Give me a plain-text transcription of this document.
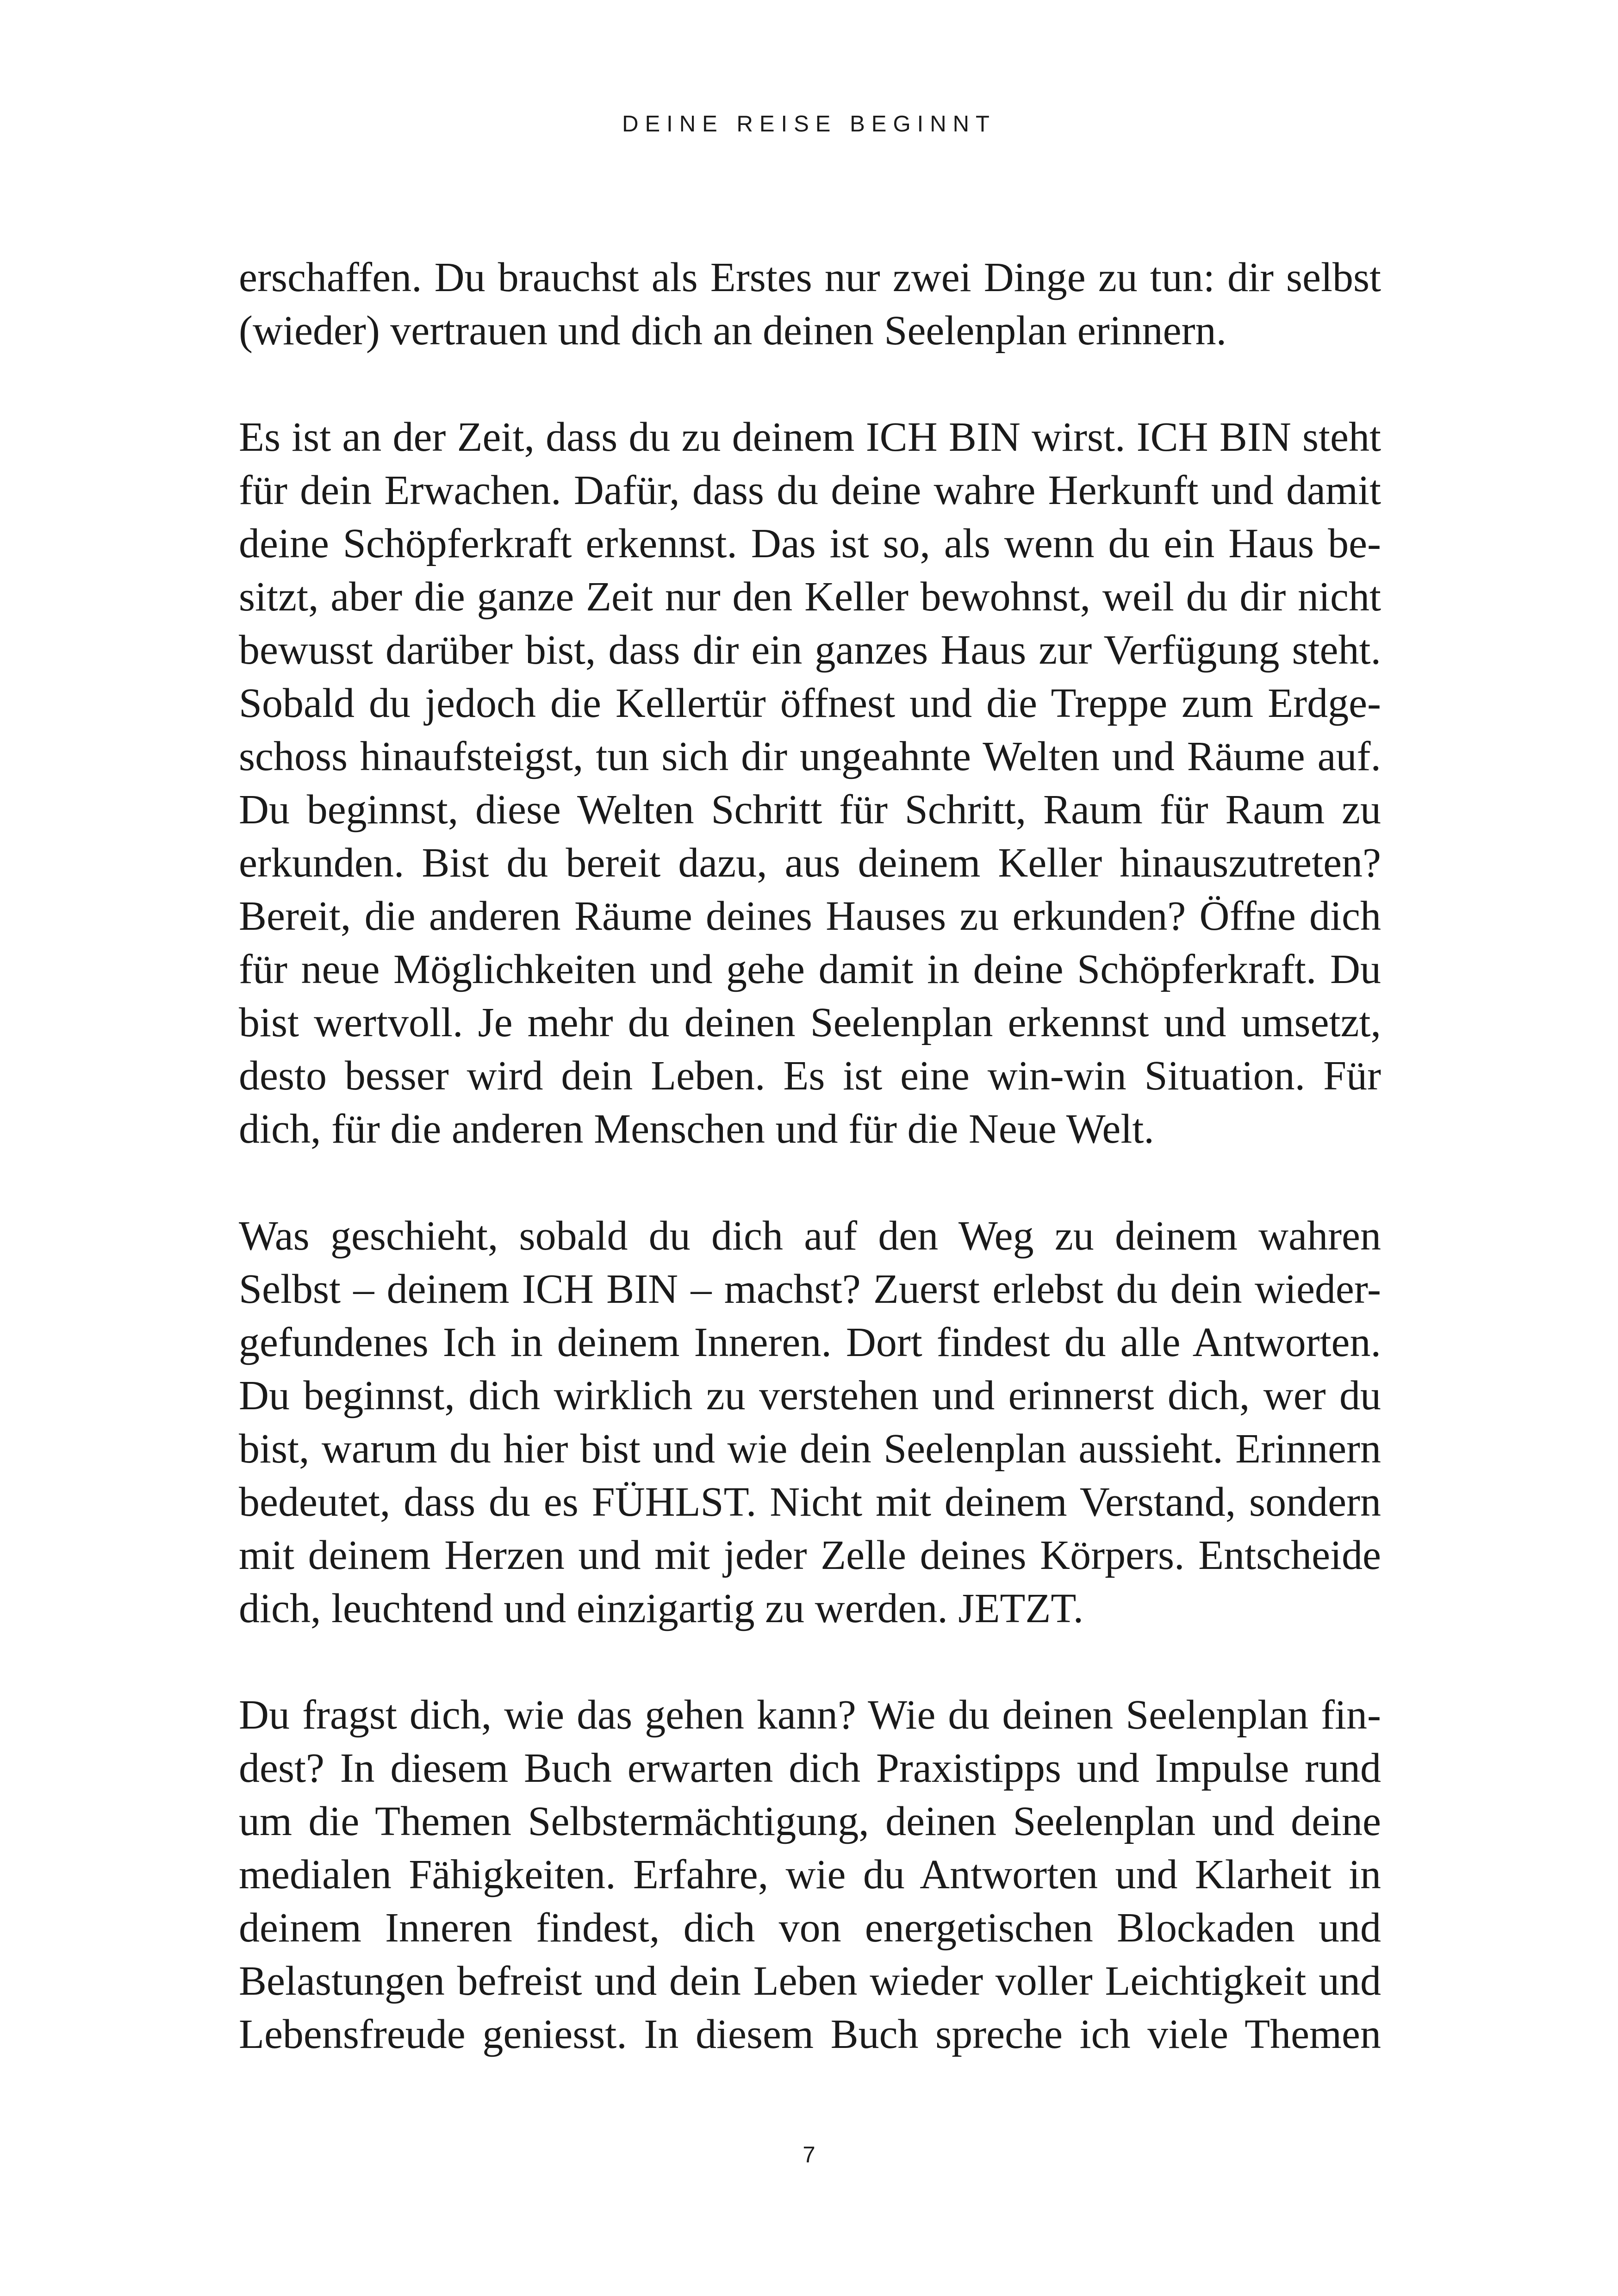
DEINE REISE BEGINNT
erschaffen. Du brauchst als Erstes nur zwei Dinge zu tun: dir selbst
(wieder) vertrauen und dich an deinen Seelenplan erinnern.
Es ist an der Zeit, dass du zu deinem ICH BIN wirst. ICH BIN steht
für dein Erwachen. Dafür, dass du deine wahre Herkunft und damit
deine Schöpferkraft erkennst. Das ist so, als wenn du ein Haus be-
sitzt, aber die ganze Zeit nur den Keller bewohnst, weil du dir nicht
bewusst darüber bist, dass dir ein ganzes Haus zur Verfügung steht.
Sobald du jedoch die Kellertür öffnest und die Treppe zum Erdge-
schoss hinaufsteigst, tun sich dir ungeahnte Welten und Räume auf.
Du beginnst, diese Welten Schritt für Schritt, Raum für Raum zu
erkunden. Bist du bereit dazu, aus deinem Keller hinauszutreten?
Bereit, die anderen Räume deines Hauses zu erkunden? Öffne dich
für neue Möglichkeiten und gehe damit in deine Schöpferkraft. Du
bist wertvoll. Je mehr du deinen Seelenplan erkennst und umsetzt,
desto besser wird dein Leben. Es ist eine win-win Situation. Für
dich, für die anderen Menschen und für die Neue Welt.
Was geschieht, sobald du dich auf den Weg zu deinem wahren
Selbst – deinem ICH BIN – machst? Zuerst erlebst du dein wieder-
gefundenes Ich in deinem Inneren. Dort findest du alle Antworten.
Du beginnst, dich wirklich zu verstehen und erinnerst dich, wer du
bist, warum du hier bist und wie dein Seelenplan aussieht. Erinnern
bedeutet, dass du es FÜHLST. Nicht mit deinem Verstand, sondern
mit deinem Herzen und mit jeder Zelle deines Körpers. Entscheide
dich, leuchtend und einzigartig zu werden. JETZT.
Du fragst dich, wie das gehen kann? Wie du deinen Seelenplan fin-
dest? In diesem Buch erwarten dich Praxistipps und Impulse rund
um die Themen Selbstermächtigung, deinen Seelenplan und deine
medialen Fähigkeiten. Erfahre, wie du Antworten und Klarheit in
deinem Inneren findest, dich von energetischen Blockaden und
Belastungen befreist und dein Leben wieder voller Leichtigkeit und
Lebensfreude geniesst. In diesem Buch spreche ich viele Themen
7
